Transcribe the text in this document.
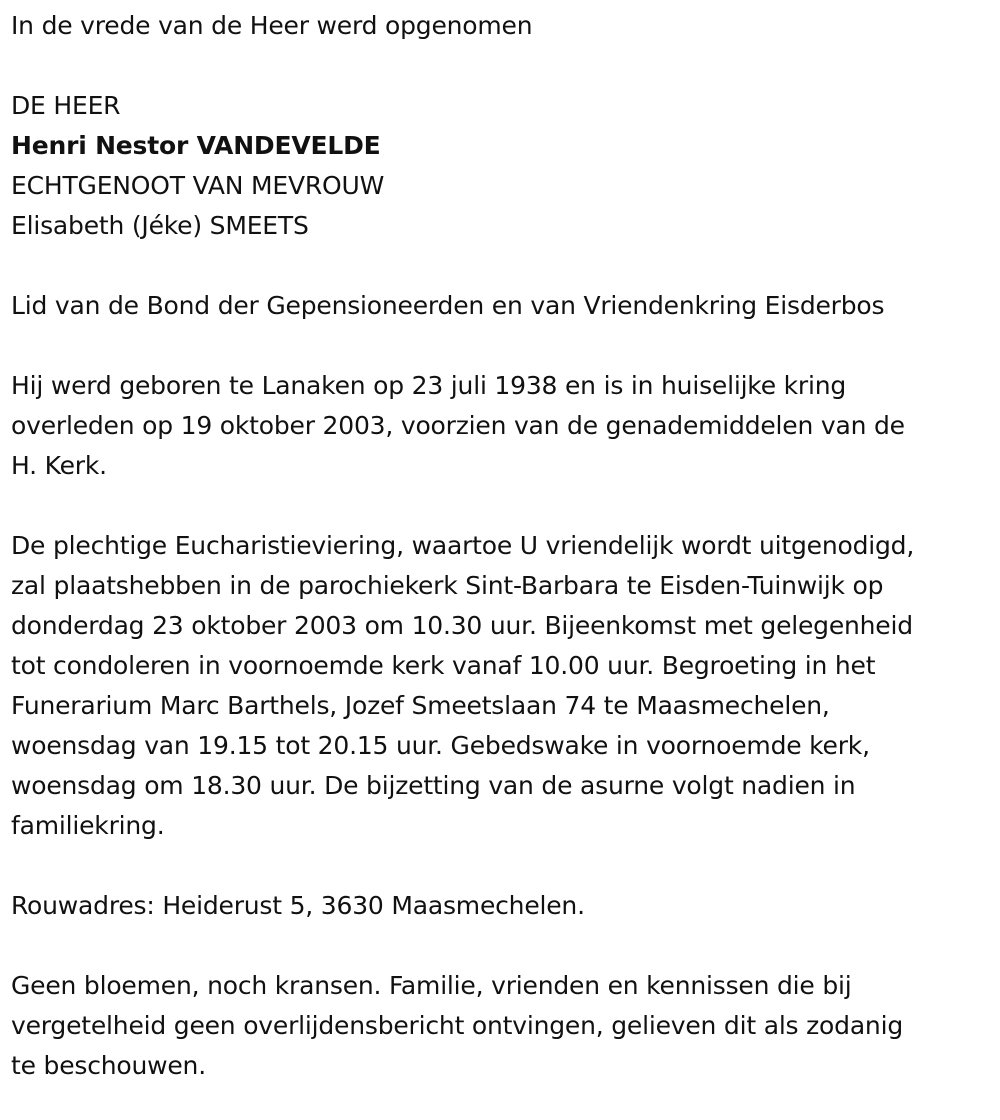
In de vrede van de Heer werd opgenomen

DE HEER

Henri Nestor VANDEVELDE

ECHTGENOOT VAN MEVROUW

Elisabeth (Jéke) SMEETS

Lid van de Bond der Gepensioneerden en van Vriendenkring Eisderbos

Hij werd geboren te Lanaken op 23 juli 1938 en is in huiselijke kring
overleden op 19 oktober 2003, voorzien van de genademiddelen van de
H. Kerk.

De plechtige Eucharistieviering, waartoe U vriendelijk wordt uitgenodigd,
zal plaatshebben in de parochiekerk Sint-Barbara te Eisden-Tuinwijk op
donderdag 23 oktober 2003 om 10.30 uur. Bijeenkomst met gelegenheid
tot condoleren in voornoemde kerk vanaf 10.00 uur. Begroeting in het
Funerarium Marc Barthels, Jozef Smeetslaan 74 te Maasmechelen,
woensdag van 19.15 tot 20.15 uur. Gebedswake in voornoemde kerk,
woensdag om 18.30 uur. De bijzetting van de asurne volgt nadien in
familiekring.

Rouwadres: Heiderust 5, 3630 Maasmechelen.

Geen bloemen, noch kransen. Familie, vrienden en kennissen die bij
vergetelheid geen overlijdensbericht ontvingen, gelieven dit als zodanig
te beschouwen.
